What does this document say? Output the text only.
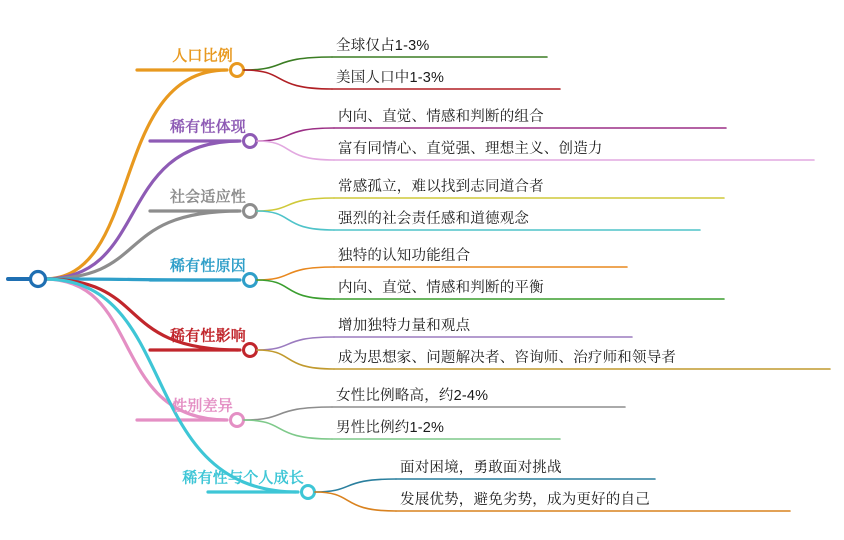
人口比例
全球仅占1-3%
美国人口中1-3%
稀有性体现
内向、直觉、情感和判断的组合
富有同情心、直觉强、理想主义、创造力
社会适应性
常感孤立，难以找到志同道合者
强烈的社会责任感和道德观念
稀有性原因
独特的认知功能组合
内向、直觉、情感和判断的平衡
稀有性影响
增加独特力量和观点
成为思想家、问题解决者、咨询师、治疗师和领导者
性别差异
女性比例略高，约2-4%
男性比例约1-2%
稀有性与个人成长
面对困境，勇敢面对挑战
发展优势，避免劣势，成为更好的自己
